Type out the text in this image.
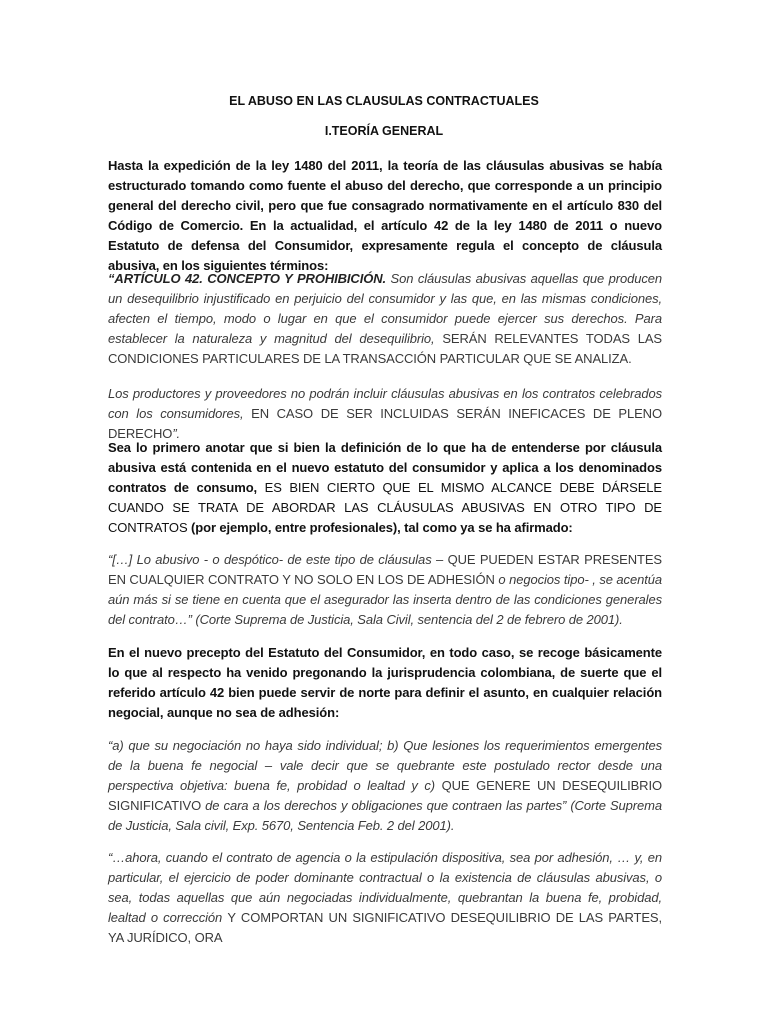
EL ABUSO EN LAS CLAUSULAS CONTRACTUALES
I.TEORÍA GENERAL

Hasta la expedición de la ley 1480 del 2011, la teoría de las cláusulas abusivas se había estructurado tomando como fuente el abuso del derecho, que corresponde a un principio general del derecho civil, pero que fue consagrado normativamente en el artículo 830 del Código de Comercio. En la actualidad, el artículo 42 de la ley 1480 de 2011 o nuevo Estatuto de defensa del Consumidor, expresamente regula el concepto de cláusula abusiva, en los siguientes términos:

“ARTÍCULO 42. CONCEPTO Y PROHIBICIÓN. Son cláusulas abusivas aquellas que producen un desequilibrio injustificado en perjuicio del consumidor y las que, en las mismas condiciones, afecten el tiempo, modo o lugar en que el consumidor puede ejercer sus derechos. Para establecer la naturaleza y magnitud del desequilibrio, SERÁN RELEVANTES TODAS LAS CONDICIONES PARTICULARES DE LA TRANSACCIÓN PARTICULAR QUE SE ANALIZA.

Los productores y proveedores no podrán incluir cláusulas abusivas en los contratos celebrados con los consumidores, EN CASO DE SER INCLUIDAS SERÁN INEFICACES DE PLENO DERECHO”.

Sea lo primero anotar que si bien la definición de lo que ha de entenderse por cláusula abusiva está contenida en el nuevo estatuto del consumidor y aplica a los denominados contratos de consumo, ES BIEN CIERTO QUE EL MISMO ALCANCE DEBE DÁRSELE CUANDO SE TRATA DE ABORDAR LAS CLÁUSULAS ABUSIVAS EN OTRO TIPO DE CONTRATOS (por ejemplo, entre profesionales), tal como ya se ha afirmado:

“[…] Lo abusivo - o despótico- de este tipo de cláusulas – QUE PUEDEN ESTAR PRESENTES EN CUALQUIER CONTRATO Y NO SOLO EN LOS DE ADHESIÓN o negocios tipo- , se acentúa aún más si se tiene en cuenta que el asegurador las inserta dentro de las condiciones generales del contrato…” (Corte Suprema de Justicia, Sala Civil, sentencia del 2 de febrero de 2001).

En el nuevo precepto del Estatuto del Consumidor, en todo caso, se recoge básicamente lo que al respecto ha venido pregonando la jurisprudencia colombiana, de suerte que el referido artículo 42 bien puede servir de norte para definir el asunto, en cualquier relación negocial, aunque no sea de adhesión:

“a) que su negociación no haya sido individual; b) Que lesiones los requerimientos emergentes de la buena fe negocial – vale decir que se quebrante este postulado rector desde una perspectiva objetiva: buena fe, probidad o lealtad y c) QUE GENERE UN DESEQUILIBRIO SIGNIFICATIVO de cara a los derechos y obligaciones que contraen las partes” (Corte Suprema de Justicia, Sala civil, Exp. 5670, Sentencia Feb. 2 del 2001).

“…ahora, cuando el contrato de agencia o la estipulación dispositiva, sea por adhesión, … y, en particular, el ejercicio de poder dominante contractual o la existencia de cláusulas abusivas, o sea, todas aquellas que aún negociadas individualmente, quebrantan la buena fe, probidad, lealtad o corrección Y COMPORTAN UN SIGNIFICATIVO DESEQUILIBRIO DE LAS PARTES, YA JURÍDICO, ORA
